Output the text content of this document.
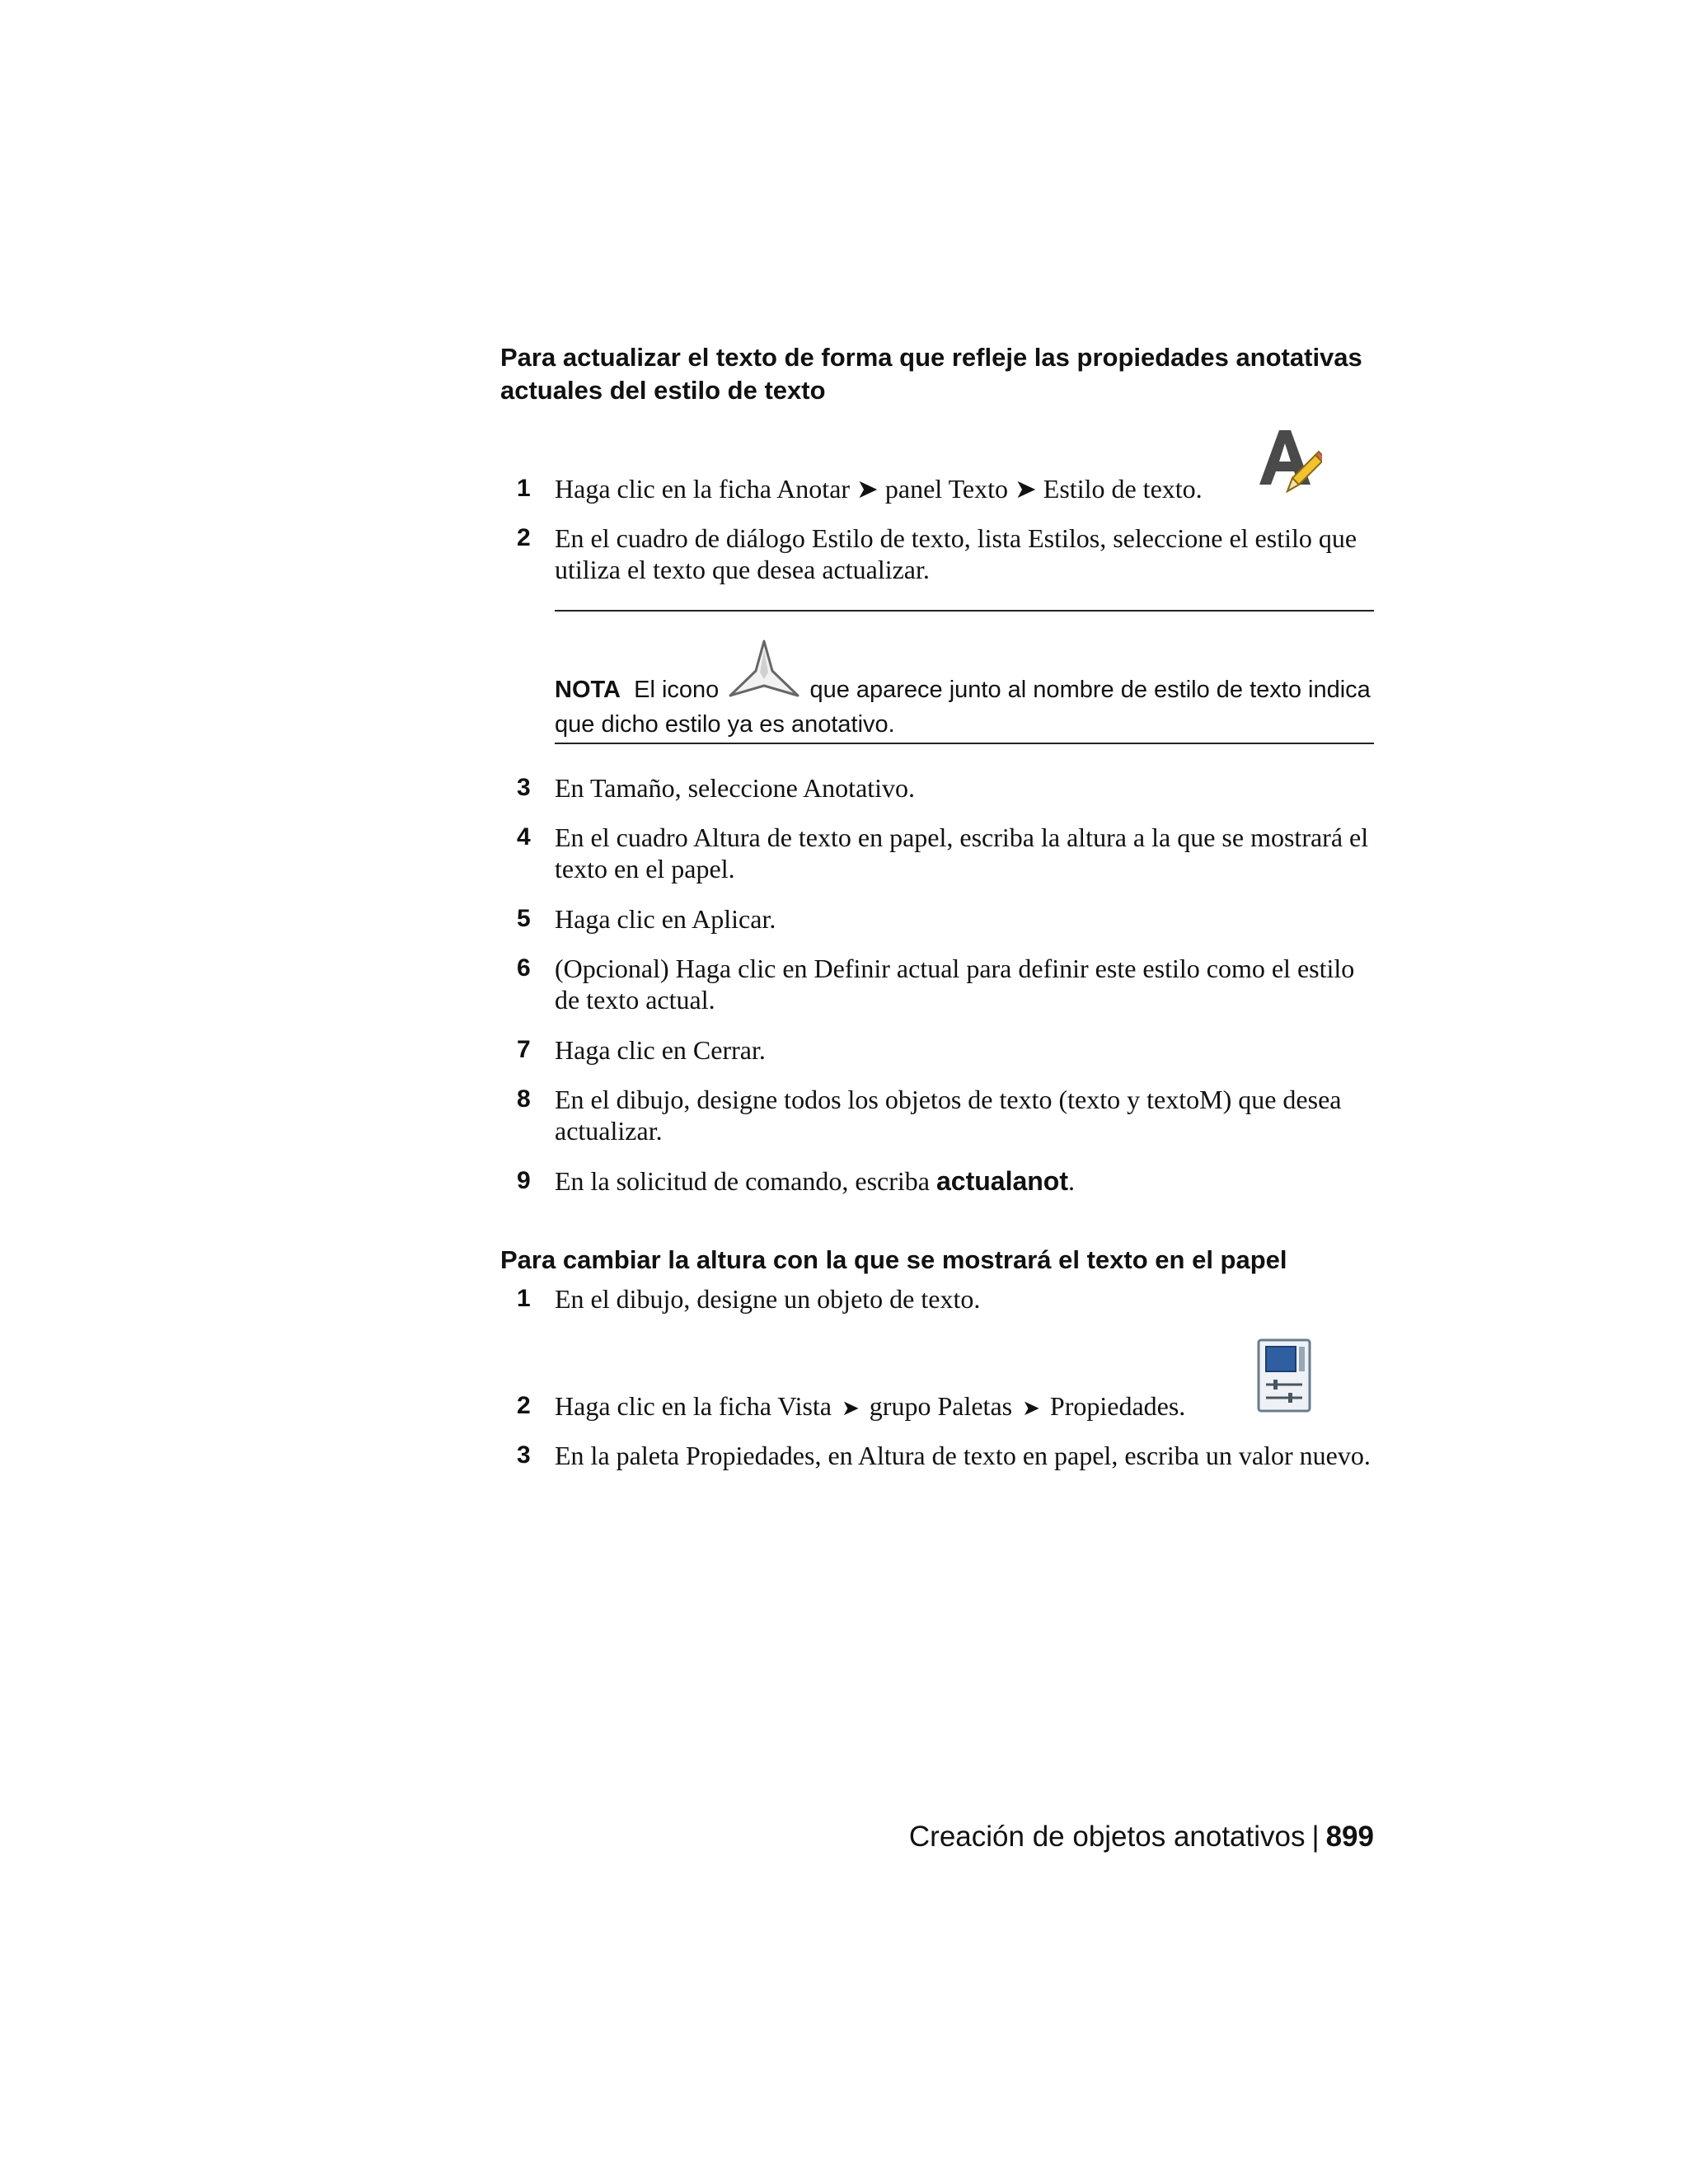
Para actualizar el texto de forma que refleje las propiedades anotativas actuales del estilo de texto
1 Haga clic en la ficha Anotar ➤ panel Texto ➤ Estilo de texto.
2 En el cuadro de diálogo Estilo de texto, lista Estilos, seleccione el estilo que utiliza el texto que desea actualizar.
NOTA El icono	que aparece junto al nombre de estilo de texto indica que dicho estilo ya es anotativo.
3 En Tamaño, seleccione Anotativo.
4 En el cuadro Altura de texto en papel, escriba la altura a la que se mostrará el texto en el papel.
5 Haga clic en Aplicar.
6 (Opcional) Haga clic en Definir actual para definir este estilo como el estilo de texto actual.
7 Haga clic en Cerrar.
8 En el dibujo, designe todos los objetos de texto (texto y textoM) que desea actualizar.
9 En la solicitud de comando, escriba actualanot.
Para cambiar la altura con la que se mostrará el texto en el papel
1 En el dibujo, designe un objeto de texto.
2 Haga clic en la ficha Vista ➤ grupo Paletas ➤ Propiedades.
3 En la paleta Propiedades, en Altura de texto en papel, escriba un valor nuevo.
Creación de objetos anotativos | 899
